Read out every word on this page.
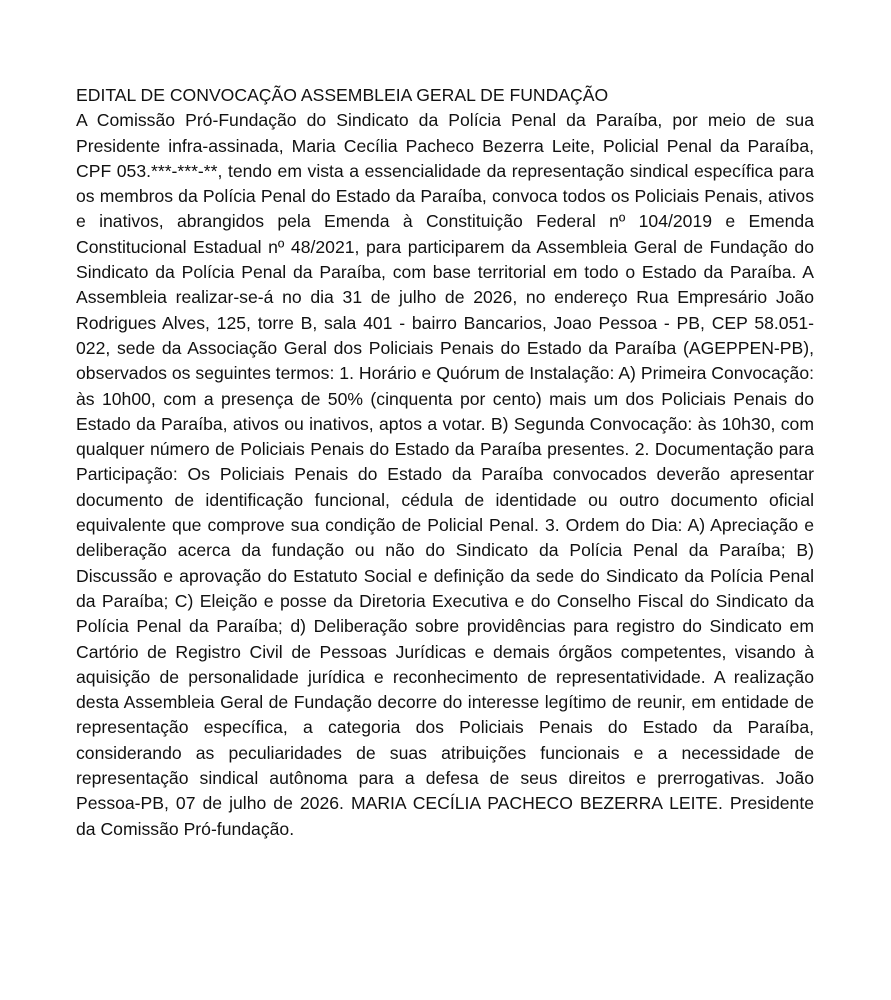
EDITAL DE CONVOCAÇÃO ASSEMBLEIA GERAL DE FUNDAÇÃO

A Comissão Pró-Fundação do Sindicato da Polícia Penal da Paraíba, por meio de sua Presidente infra-assinada, Maria Cecília Pacheco Bezerra Leite, Policial Penal da Paraíba, CPF 053.***-***-**, tendo em vista a essencialidade da representação sindical específica para os membros da Polícia Penal do Estado da Paraíba, convoca todos os Policiais Penais, ativos e inativos, abrangidos pela Emenda à Constituição Federal nº 104/2019 e Emenda Constitucional Estadual nº 48/2021, para participarem da Assembleia Geral de Fundação do Sindicato da Polícia Penal da Paraíba, com base territorial em todo o Estado da Paraíba. A Assembleia realizar-se-á no dia 31 de julho de 2026, no endereço Rua Empresário João Rodrigues Alves, 125, torre B, sala 401 - bairro Bancarios, Joao Pessoa - PB, CEP 58.051-022, sede da Associação Geral dos Policiais Penais do Estado da Paraíba (AGEPPEN-PB), observados os seguintes termos: 1. Horário e Quórum de Instalação: A) Primeira Convocação: às 10h00, com a presença de 50% (cinquenta por cento) mais um dos Policiais Penais do Estado da Paraíba, ativos ou inativos, aptos a votar. B) Segunda Convocação: às 10h30, com qualquer número de Policiais Penais do Estado da Paraíba presentes. 2. Documentação para Participação: Os Policiais Penais do Estado da Paraíba convocados deverão apresentar documento de identificação funcional, cédula de identidade ou outro documento oficial equivalente que comprove sua condição de Policial Penal. 3. Ordem do Dia: A) Apreciação e deliberação acerca da fundação ou não do Sindicato da Polícia Penal da Paraíba; B) Discussão e aprovação do Estatuto Social e definição da sede do Sindicato da Polícia Penal da Paraíba; C) Eleição e posse da Diretoria Executiva e do Conselho Fiscal do Sindicato da Polícia Penal da Paraíba; d) Deliberação sobre providências para registro do Sindicato em Cartório de Registro Civil de Pessoas Jurídicas e demais órgãos competentes, visando à aquisição de personalidade jurídica e reconhecimento de representatividade. A realização desta Assembleia Geral de Fundação decorre do interesse legítimo de reunir, em entidade de representação específica, a categoria dos Policiais Penais do Estado da Paraíba, considerando as peculiaridades de suas atribuições funcionais e a necessidade de representação sindical autônoma para a defesa de seus direitos e prerrogativas. João Pessoa-PB, 07 de julho de 2026. MARIA CECÍLIA PACHECO BEZERRA LEITE. Presidente da Comissão Pró-fundação.
